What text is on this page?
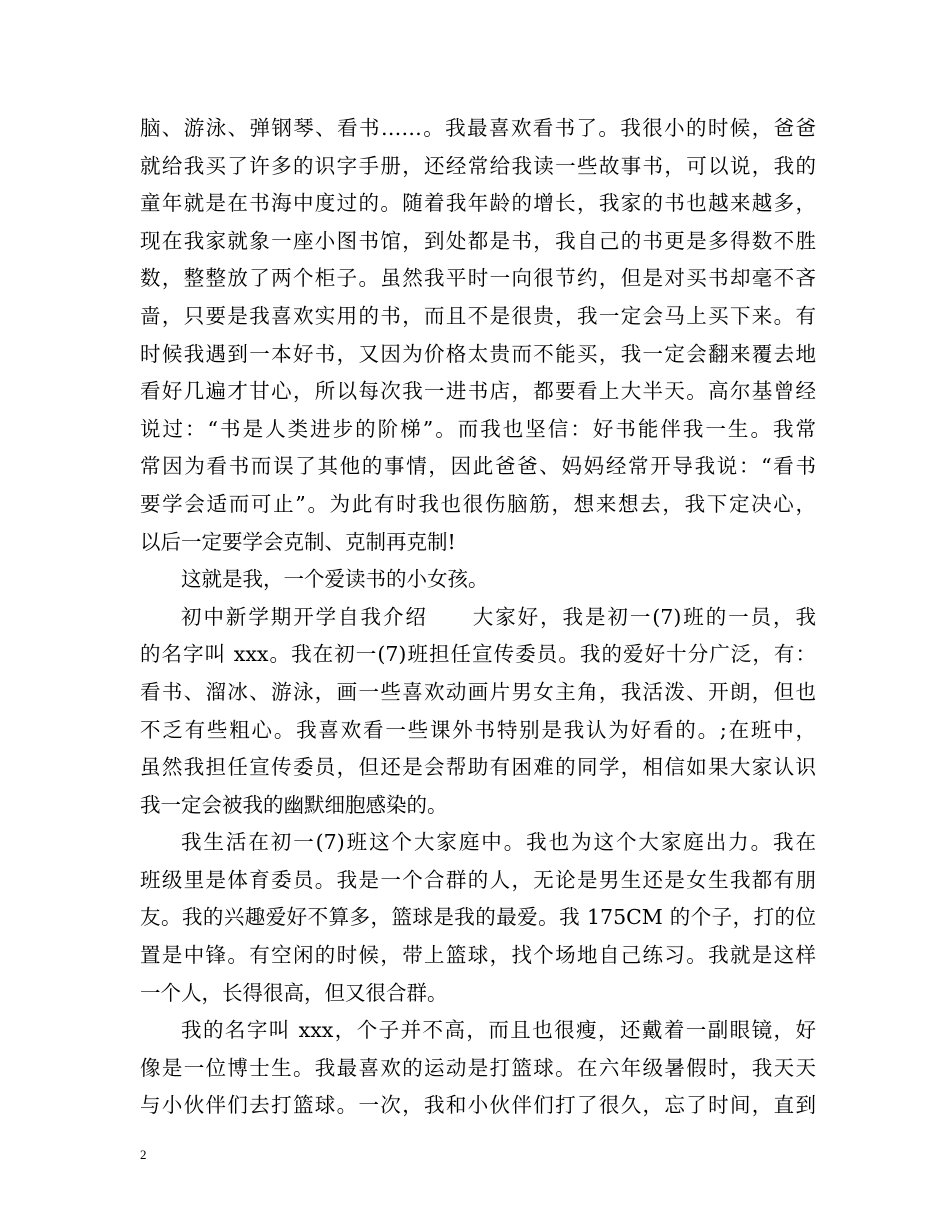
脑、游泳、弹钢琴、看书……。我最喜欢看书了。我很小的时候，爸爸
就给我买了许多的识字手册，还经常给我读一些故事书，可以说，我的
童年就是在书海中度过的。随着我年龄的增长，我家的书也越来越多，
现在我家就象一座小图书馆，到处都是书，我自己的书更是多得数不胜
数，整整放了两个柜子。虽然我平时一向很节约，但是对买书却毫不吝
啬，只要是我喜欢实用的书，而且不是很贵，我一定会马上买下来。有
时候我遇到一本好书，又因为价格太贵而不能买，我一定会翻来覆去地
看好几遍才甘心，所以每次我一进书店，都要看上大半天。高尔基曾经
说过：“书是人类进步的阶梯”。而我也坚信：好书能伴我一生。我常
常因为看书而误了其他的事情，因此爸爸、妈妈经常开导我说：“看书
要学会适而可止”。为此有时我也很伤脑筋，想来想去，我下定决心，
以后一定要学会克制、克制再克制!
这就是我，一个爱读书的小女孩。
初中新学期开学自我介绍　　大家好，我是初一(7)班的一员，我
的名字叫 xxx。我在初一(7)班担任宣传委员。我的爱好十分广泛，有：
看书、溜冰、游泳，画一些喜欢动画片男女主角，我活泼、开朗，但也
不乏有些粗心。我喜欢看一些课外书特别是我认为好看的。;在班中，
虽然我担任宣传委员，但还是会帮助有困难的同学，相信如果大家认识
我一定会被我的幽默细胞感染的。
我生活在初一(7)班这个大家庭中。我也为这个大家庭出力。我在
班级里是体育委员。我是一个合群的人，无论是男生还是女生我都有朋
友。我的兴趣爱好不算多，篮球是我的最爱。我 175CM 的个子，打的位
置是中锋。有空闲的时候，带上篮球，找个场地自己练习。我就是这样
一个人，长得很高，但又很合群。
我的名字叫 xxx，个子并不高，而且也很瘦，还戴着一副眼镜，好
像是一位博士生。我最喜欢的运动是打篮球。在六年级暑假时，我天天
与小伙伴们去打篮球。一次，我和小伙伴们打了很久，忘了时间，直到
2
